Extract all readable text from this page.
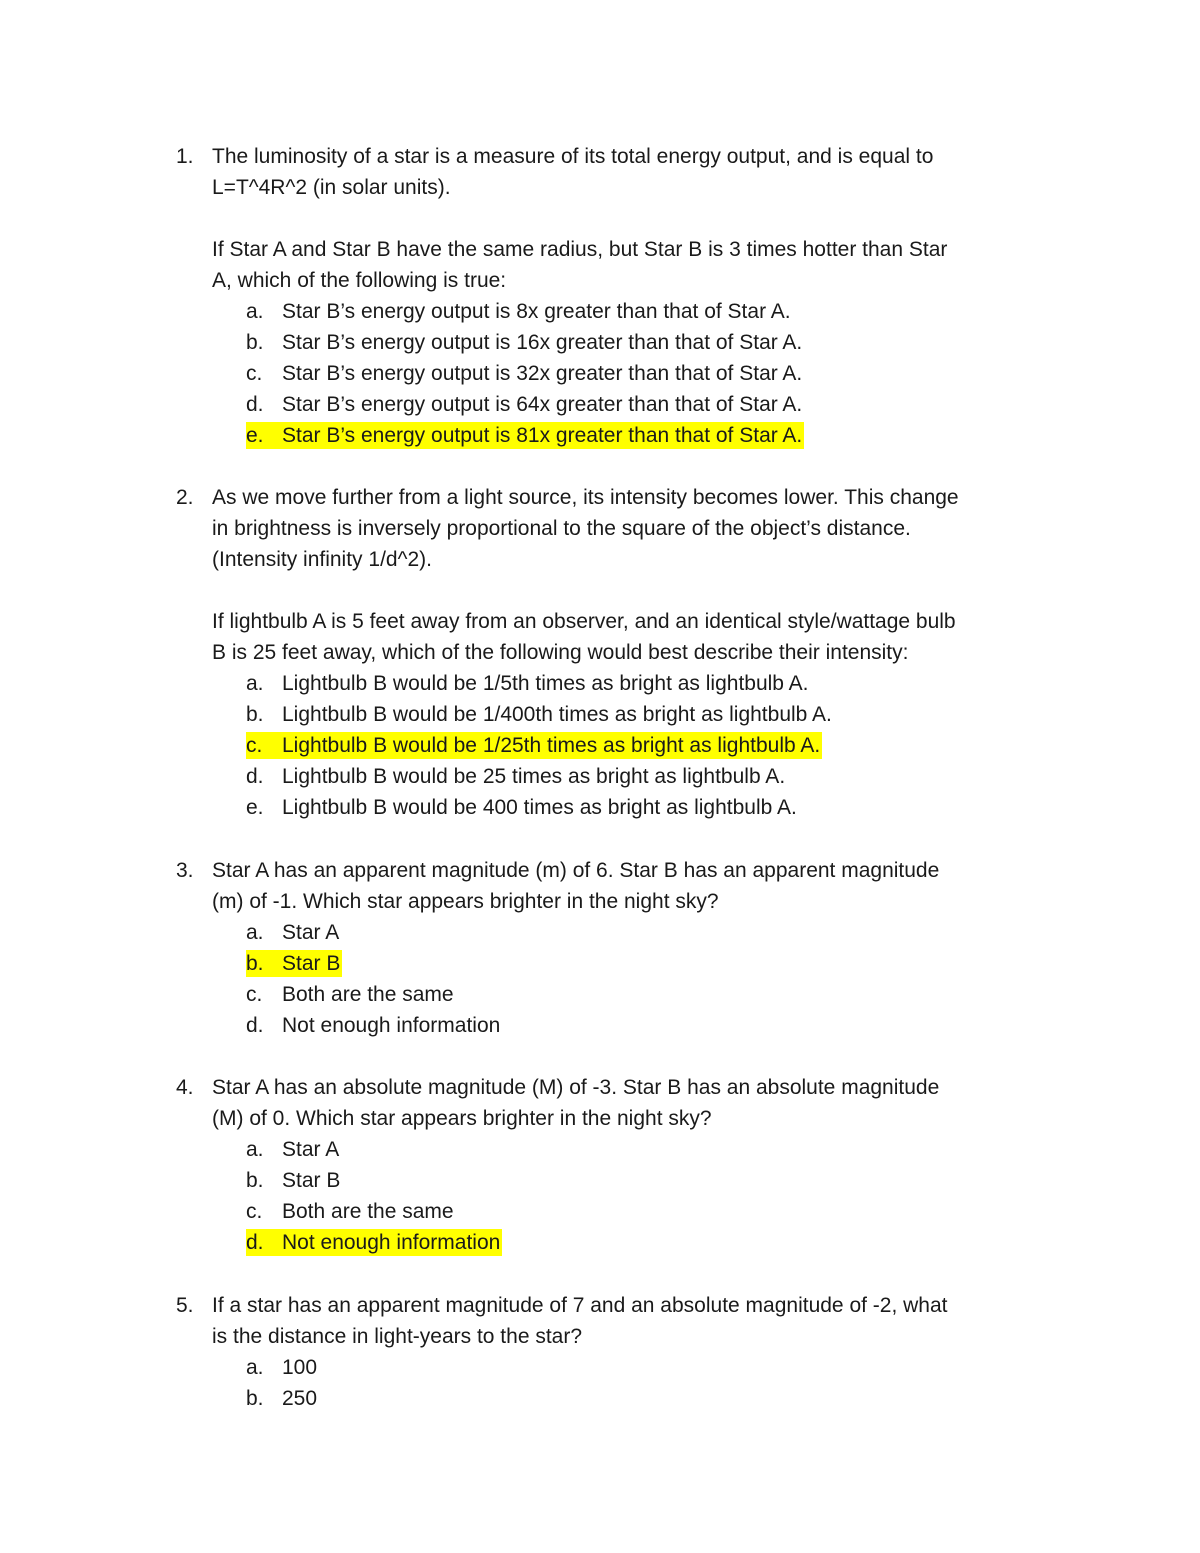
1. The luminosity of a star is a measure of its total energy output, and is equal to
L=T^4R^2 (in solar units).
If Star A and Star B have the same radius, but Star B is 3 times hotter than Star
A, which of the following is true:
a. Star B’s energy output is 8x greater than that of Star A.
b. Star B’s energy output is 16x greater than that of Star A.
c. Star B’s energy output is 32x greater than that of Star A.
d. Star B’s energy output is 64x greater than that of Star A.
e. Star B’s energy output is 81x greater than that of Star A.
2. As we move further from a light source, its intensity becomes lower. This change
in brightness is inversely proportional to the square of the object’s distance.
(Intensity infinity 1/d^2).
If lightbulb A is 5 feet away from an observer, and an identical style/wattage bulb
B is 25 feet away, which of the following would best describe their intensity:
a. Lightbulb B would be 1/5th times as bright as lightbulb A.
b. Lightbulb B would be 1/400th times as bright as lightbulb A.
c. Lightbulb B would be 1/25th times as bright as lightbulb A.
d. Lightbulb B would be 25 times as bright as lightbulb A.
e. Lightbulb B would be 400 times as bright as lightbulb A.
3. Star A has an apparent magnitude (m) of 6. Star B has an apparent magnitude
(m) of -1. Which star appears brighter in the night sky?
a. Star A
b. Star B
c. Both are the same
d. Not enough information
4. Star A has an absolute magnitude (M) of -3. Star B has an absolute magnitude
(M) of 0. Which star appears brighter in the night sky?
a. Star A
b. Star B
c. Both are the same
d. Not enough information
5. If a star has an apparent magnitude of 7 and an absolute magnitude of -2, what
is the distance in light-years to the star?
a. 100
b. 250
